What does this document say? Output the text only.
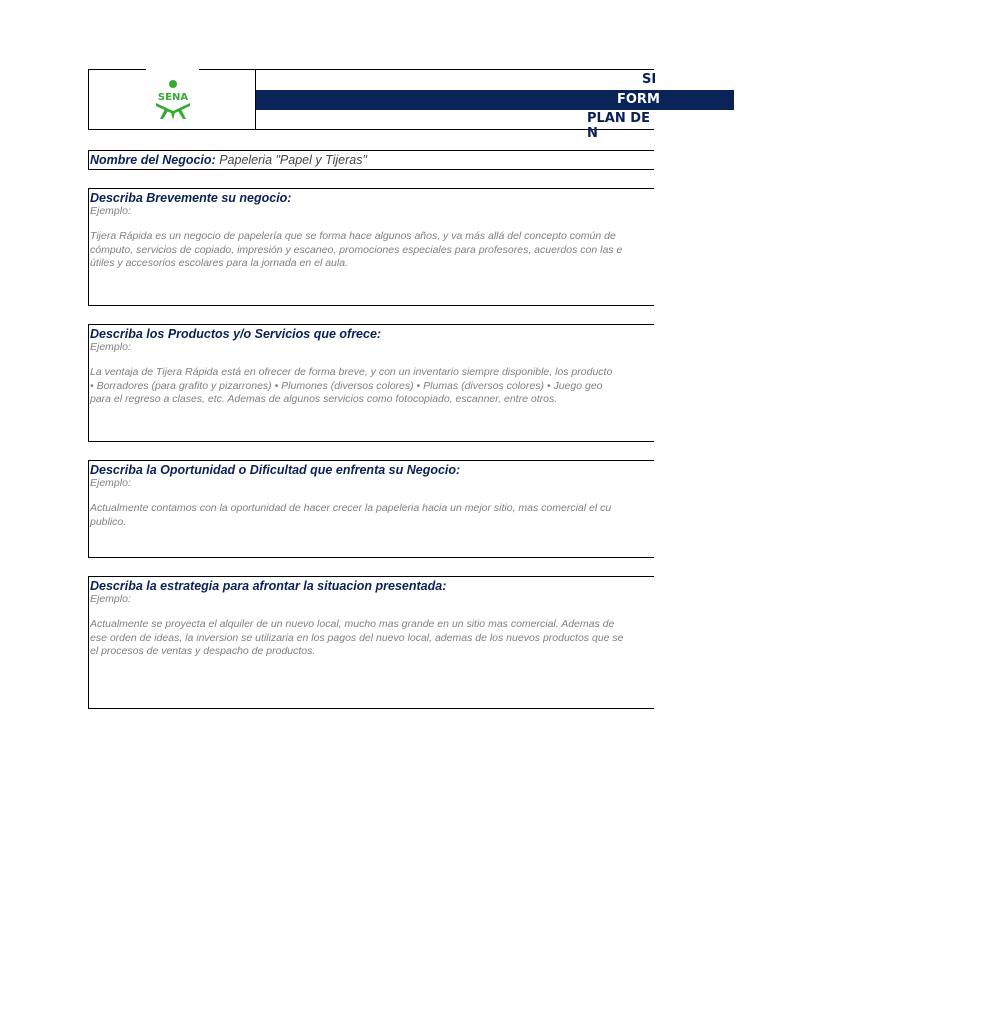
SENA
SI
FORM
PLAN DE N
Nombre del Negocio: Papeleria "Papel y Tijeras"
Describa Brevemente su negocio:
Ejemplo:
Tijera Rápida es un negocio de papelería que se forma hace algunos años, y va más allá del concepto común de
cómputo, servicios de copiado, impresión y escaneo, promociones especiales para profesores, acuerdos con las e
útiles y accesorios escolares para la jornada en el aula.
Describa los Productos y/o Servicios que ofrece:
Ejemplo:
La ventaja de Tijera Rápida está en ofrecer de forma breve, y con un inventario siempre disponible, los producto
• Borradores (para grafito y pizarrones) • Plumones (diversos colores) • Plumas (diversos colores) • Juego geo
para el regreso a clases, etc. Ademas de algunos servicios como fotocopiado, escanner, entre otros.
Describa la Oportunidad o Dificultad que enfrenta su Negocio:
Ejemplo:
Actualmente contamos con la oportunidad de hacer crecer la papeleria hacia un mejor sitio, mas comercial el cu
publico.
Describa la estrategia para afrontar la situacion presentada:
Ejemplo:
Actualmente se proyecta el alquiler de un nuevo local, mucho mas grande en un sitio mas comercial. Ademas de
ese orden de ideas, la inversion se utilizaria en los pagos del nuevo local, ademas de los nuevos productos que se
el procesos de ventas y despacho de productos.
